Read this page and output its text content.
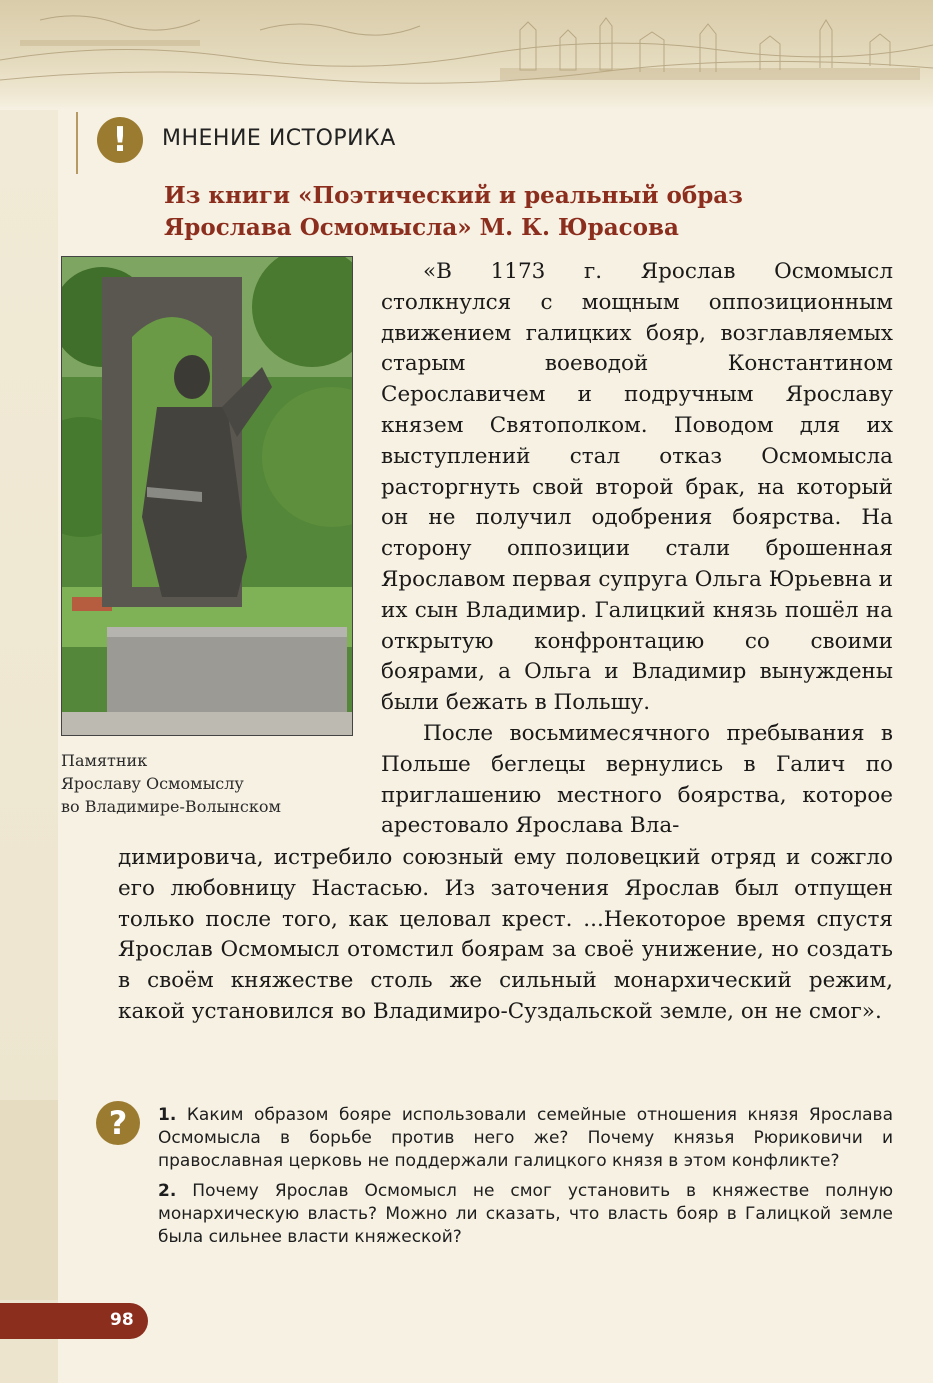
!	МНЕНИЕ ИСТОРИКА
Из книги «Поэтический и реальный образ
Ярослава Осмомысла» М. К. Юрасова
Памятник
Ярославу Осмомыслу
во Владимире-Волынском

«В 1173 г. Ярослав Осмомысл столкнулся с мощным оппозиционным движением галицких бояр, возглавляемых старым воеводой Константином Серославичем и подручным Ярославу князем Святополком. Поводом для их выступлений стал отказ Осмомысла расторгнуть свой второй брак, на который он не получил одобрения боярства. На сторону оппозиции стали брошенная Ярославом первая супруга Ольга Юрьевна и их сын Владимир. Галицкий князь пошёл на открытую конфронтацию со своими боярами, а Ольга и Владимир вынуждены были бежать в Польшу.

После восьмимесячного пребывания в Польше беглецы вернулись в Галич по приглашению местного боярства, которое арестовало Ярослава Вла-

димировича, истребило союзный ему половецкий отряд и сожгло его любовницу Настасью. Из заточения Ярослав был отпущен только после того, как целовал крест. ...Некоторое время спустя Ярослав Осмомысл отомстил боярам за своё унижение, но создать в своём княжестве столь же сильный монархический режим, какой установился во Владимиро-Суздальской земле, он не смог».

?	1. Каким образом бояре использовали семейные отношения князя Ярослава Осмомысла в борьбе против него же? Почему князья Рюриковичи и православная церковь не поддержали галицкого князя в этом конфликте?

2. Почему Ярослав Осмомысл не смог установить в княжестве полную монархическую власть? Можно ли сказать, что власть бояр в Галицкой земле была сильнее власти княжеской?

98
